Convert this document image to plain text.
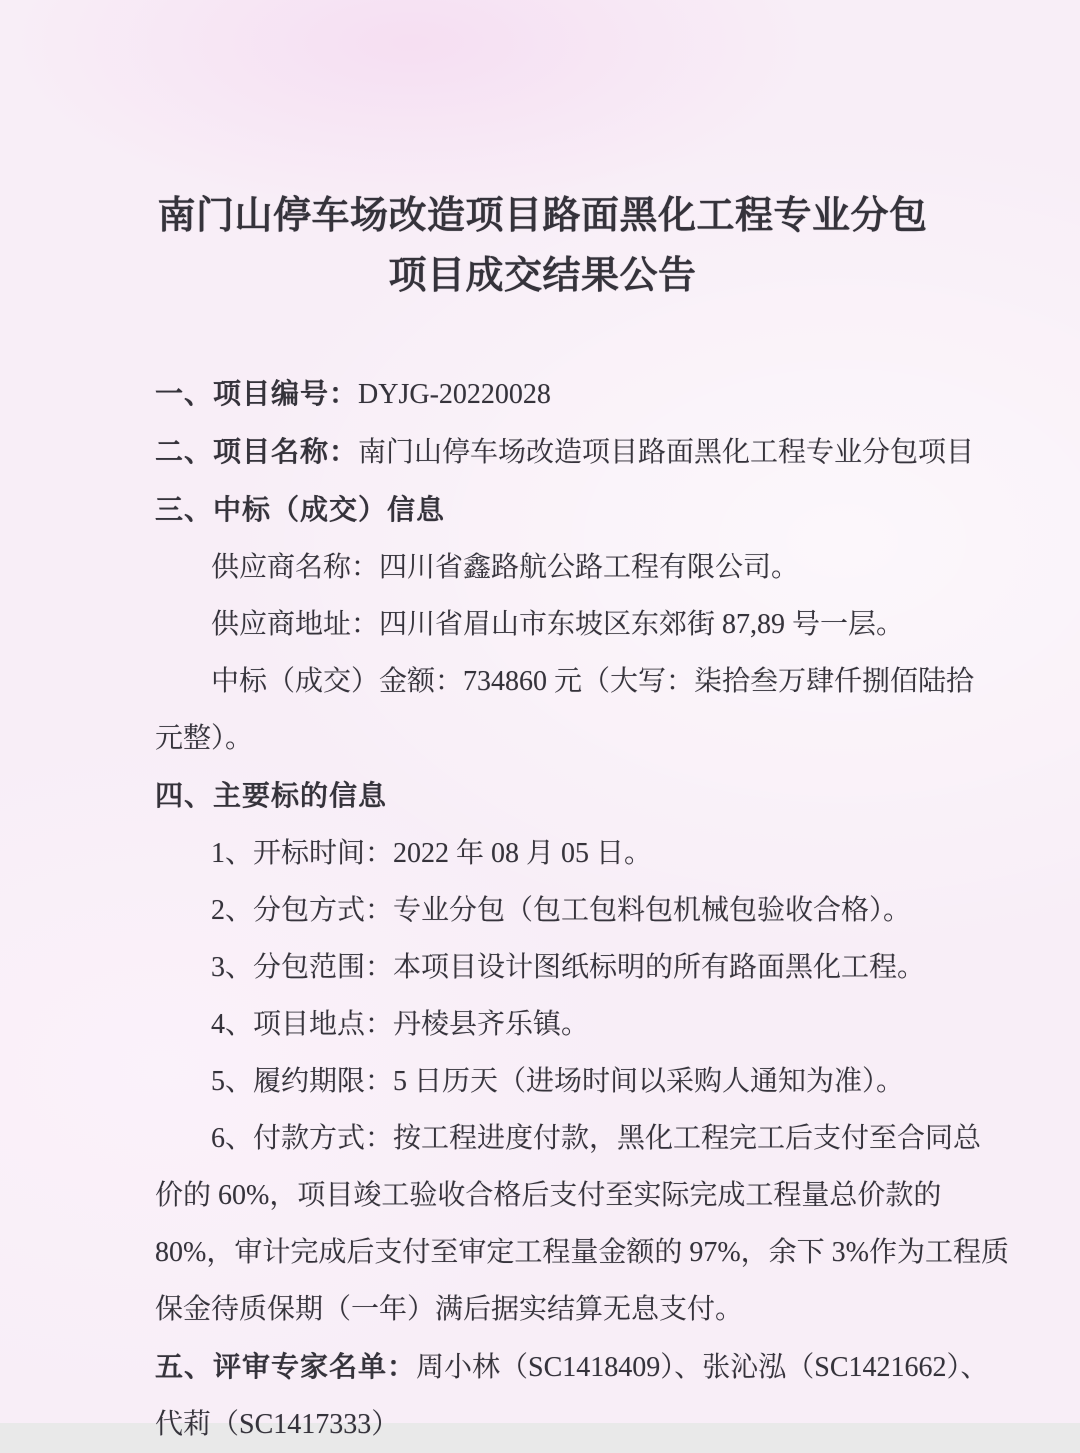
南门山停车场改造项目路面黑化工程专业分包
项目成交结果公告
一、项目编号：DYJG-20220028
二、项目名称：南门山停车场改造项目路面黑化工程专业分包项目
三、中标（成交）信息
供应商名称：四川省鑫路航公路工程有限公司。
供应商地址：四川省眉山市东坡区东郊街 87,89 号一层。
中标（成交）金额：734860 元（大写：柒拾叁万肆仟捌佰陆拾
元整）。
四、主要标的信息
1、开标时间：2022 年 08 月 05 日。
2、分包方式：专业分包（包工包料包机械包验收合格）。
3、分包范围：本项目设计图纸标明的所有路面黑化工程。
4、项目地点：丹棱县齐乐镇。
5、履约期限：5 日历天（进场时间以采购人通知为准）。
6、付款方式：按工程进度付款，黑化工程完工后支付至合同总
价的 60%，项目竣工验收合格后支付至实际完成工程量总价款的
80%，审计完成后支付至审定工程量金额的 97%，余下 3%作为工程质
保金待质保期（一年）满后据实结算无息支付。
五、评审专家名单：周小林（SC1418409）、张沁泓（SC1421662）、
代莉（SC1417333）
